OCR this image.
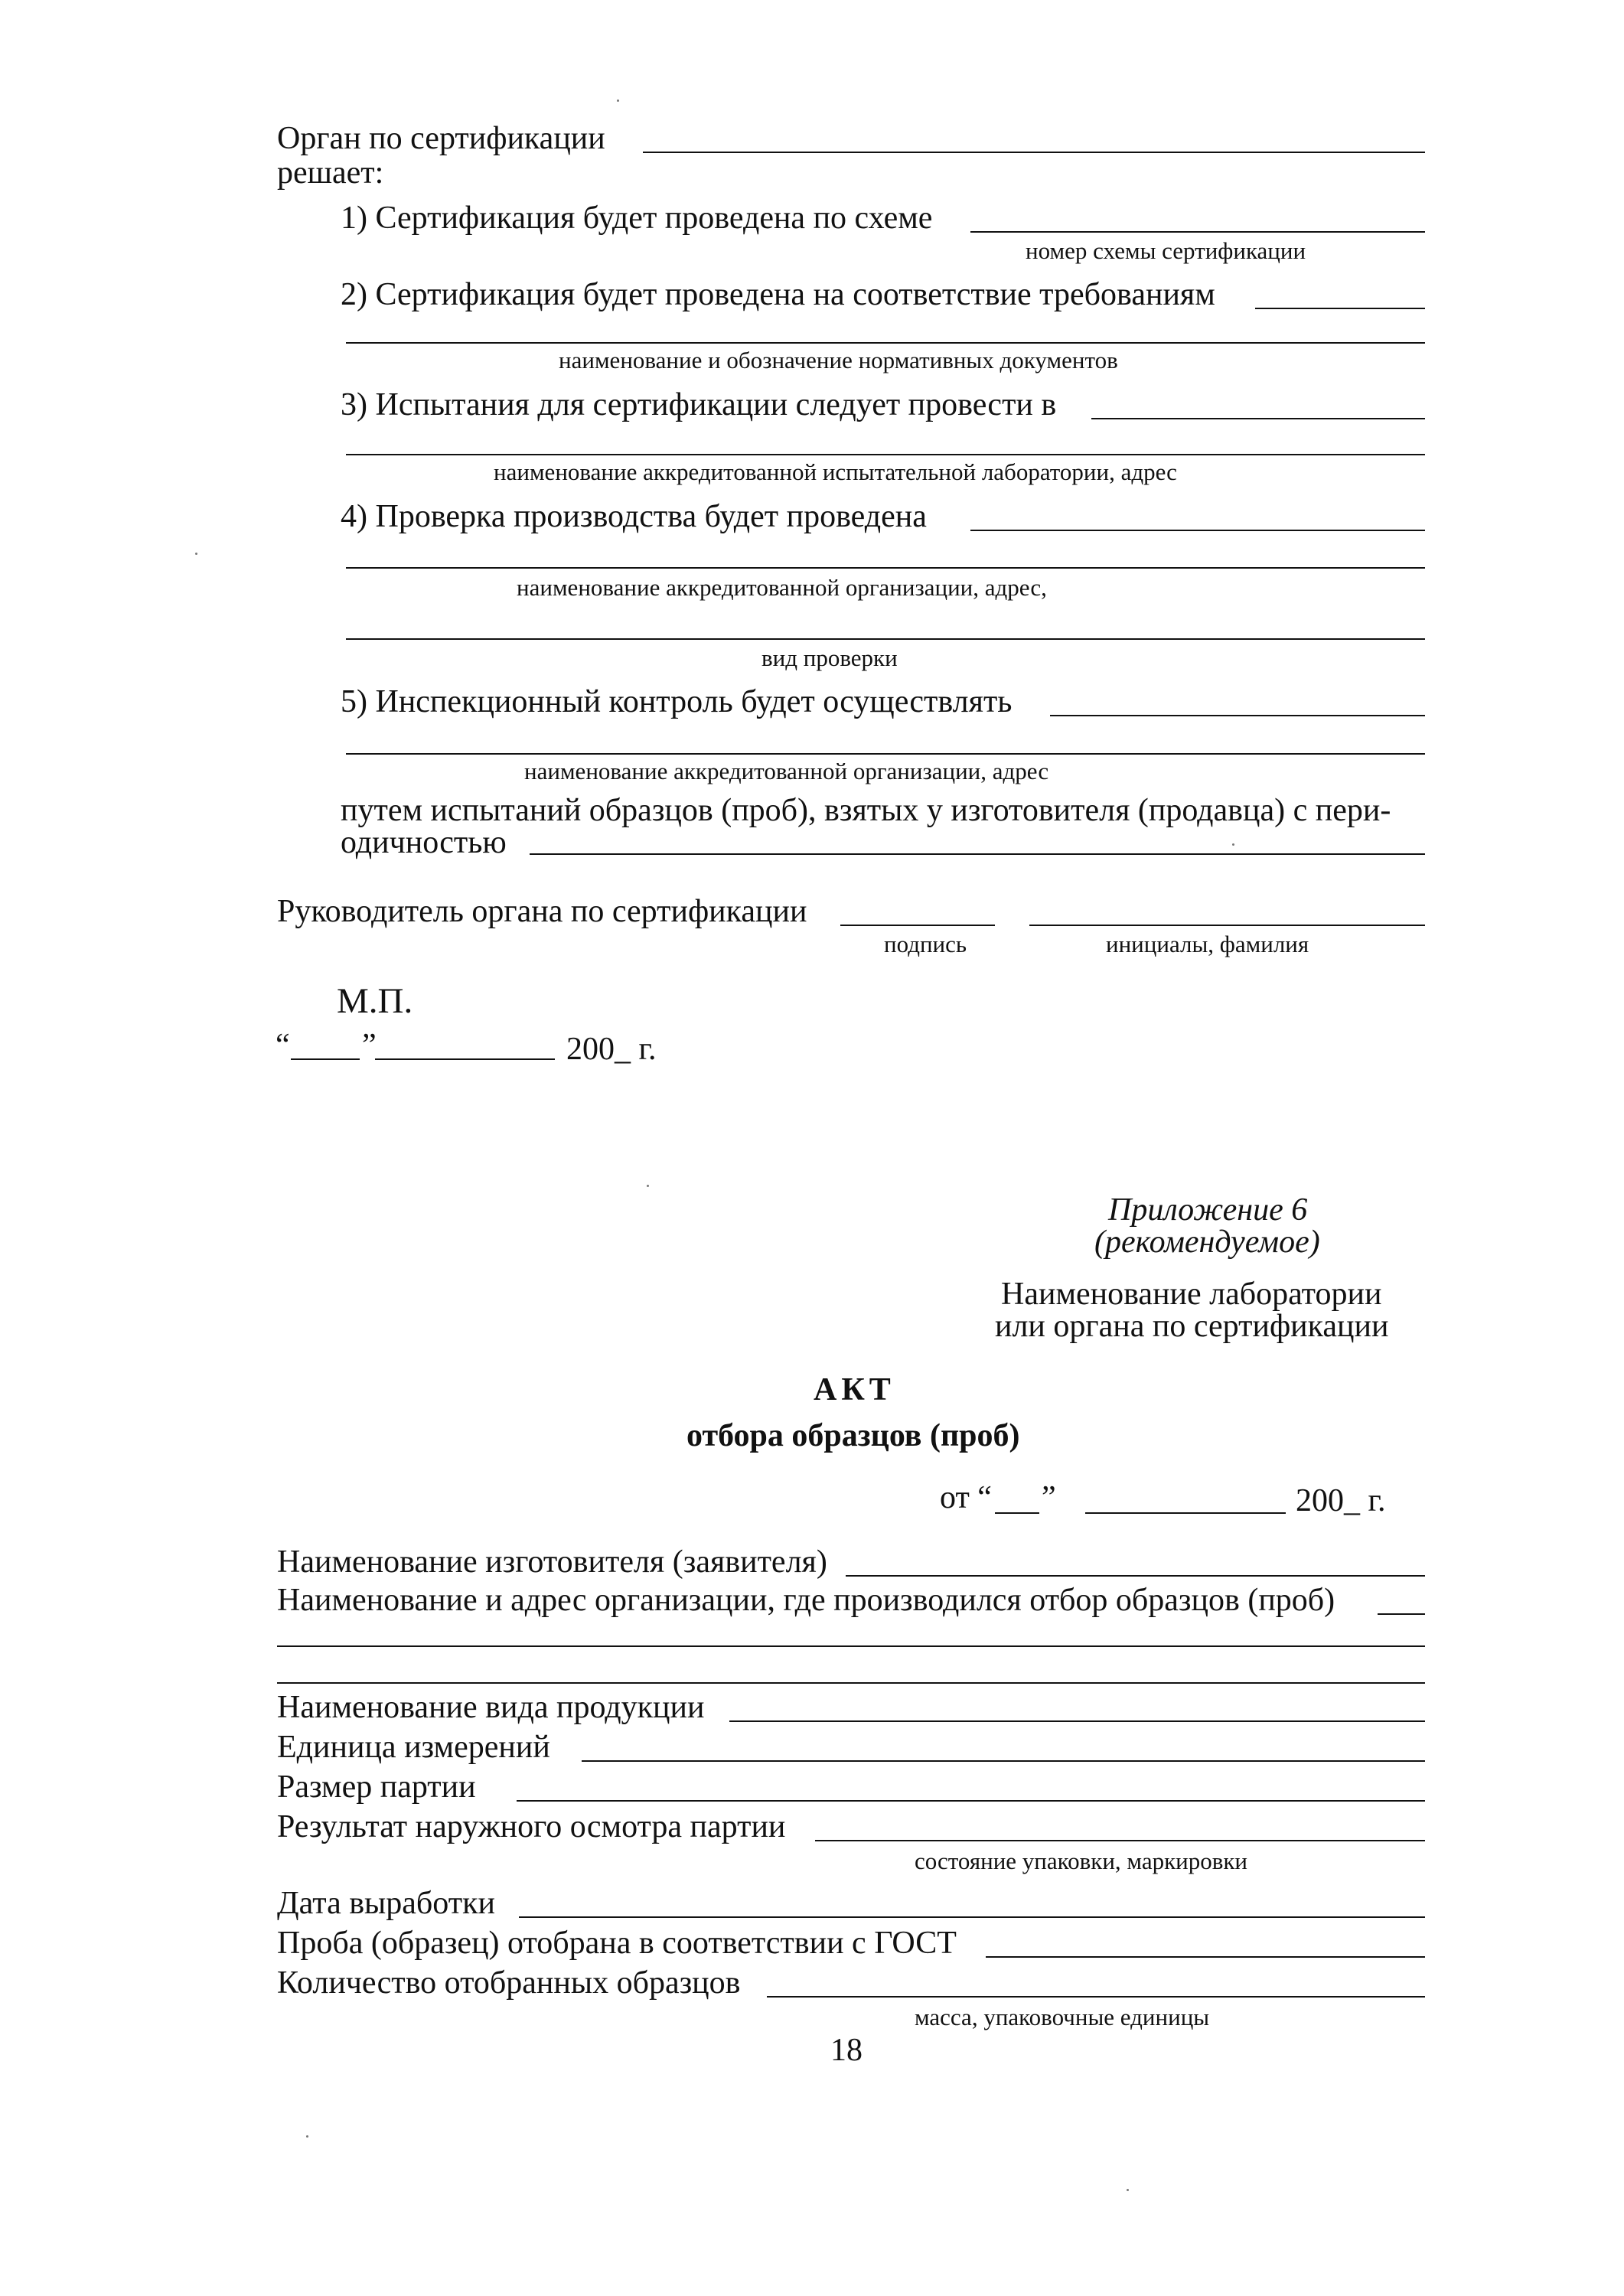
Орган по сертификации
решает:
1) Сертификация будет проведена по схеме
номер схемы сертификации
2) Сертификация будет проведена на соответствие требованиям
наименование и обозначение нормативных документов
3) Испытания для сертификации следует провести в
наименование аккредитованной испытательной лаборатории, адрес
4) Проверка производства будет проведена
наименование аккредитованной организации, адрес,
вид проверки
5) Инспекционный контроль будет осуществлять
наименование аккредитованной организации, адрес
путем испытаний образцов (проб), взятых у изготовителя (продавца) с пери-
одичностью
Руководитель органа по сертификации
подпись	инициалы, фамилия
М.П.
“ ”	200_ г.
Приложение 6
(рекомендуемое)
Наименование лаборатории
или органа по сертификации
АКТ
отбора образцов (проб)
от “ ”	200_ г.
Наименование изготовителя (заявителя)
Наименование и адрес организации, где производился отбор образцов (проб)
Наименование вида продукции
Единица измерений
Размер партии
Результат наружного осмотра партии
состояние упаковки, маркировки
Дата выработки
Проба (образец) отобрана в соответствии с ГОСТ
Количество отобранных образцов
масса, упаковочные единицы
18
